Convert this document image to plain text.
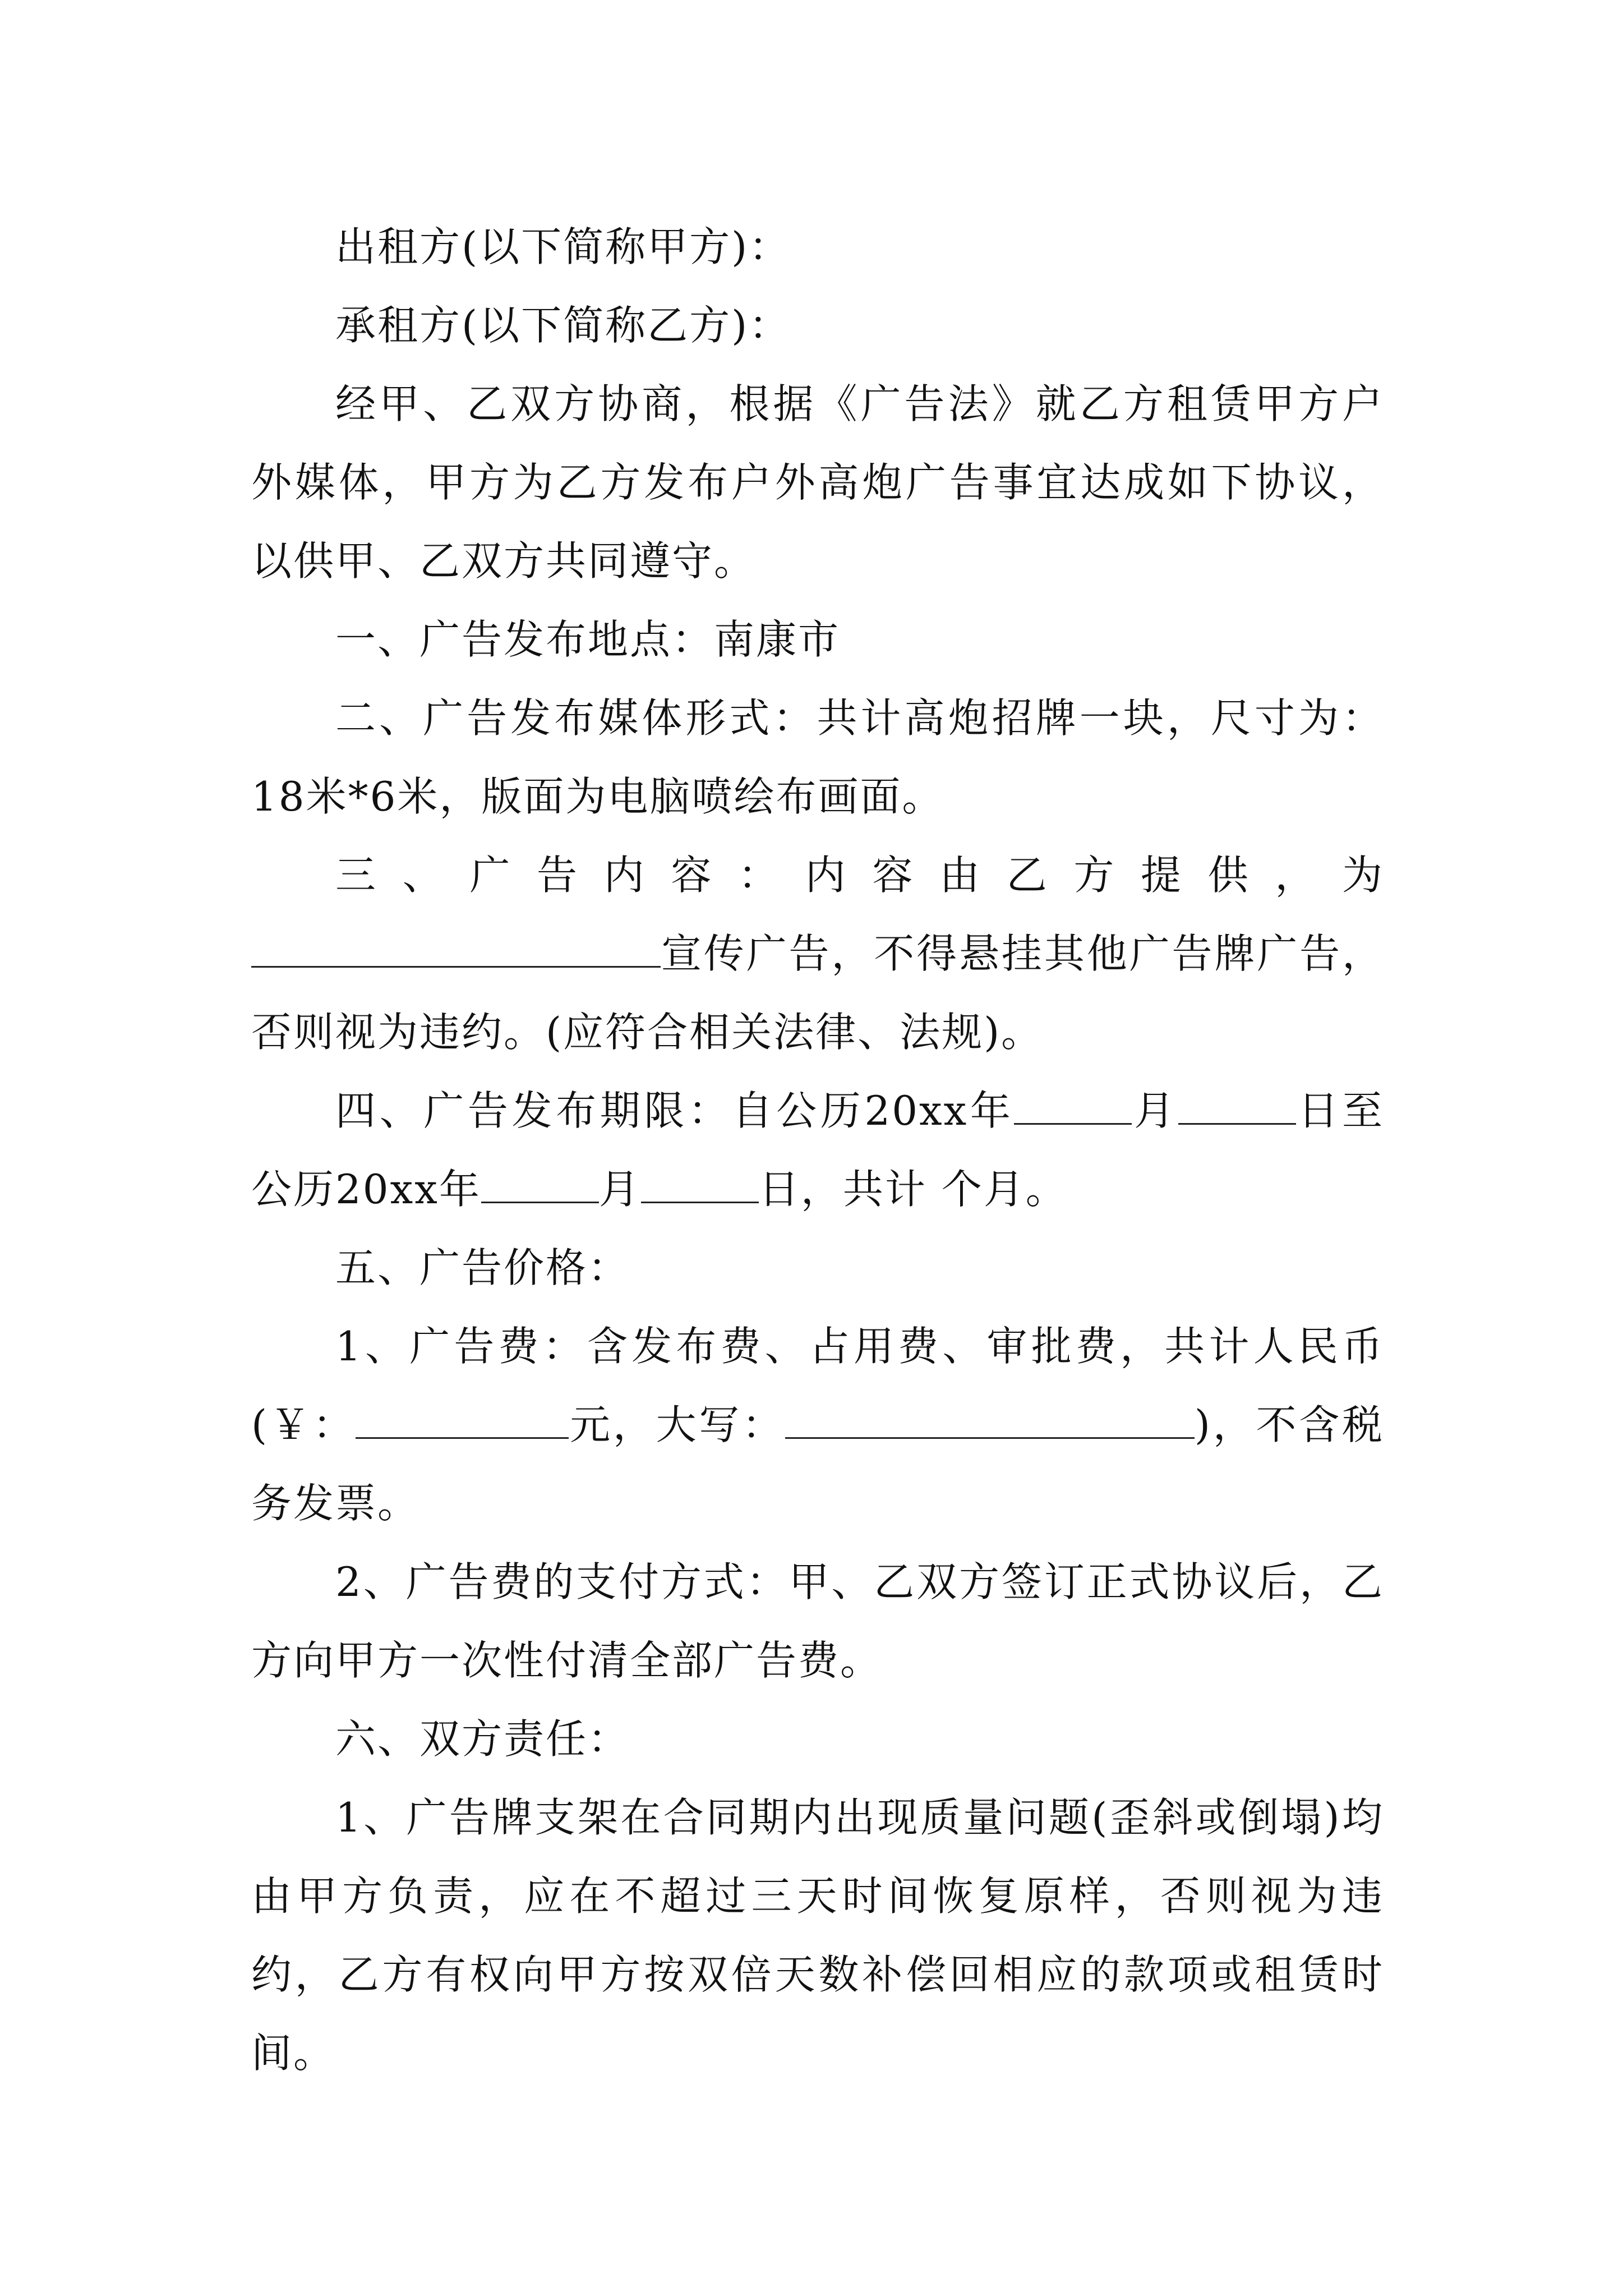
出租方(以下简称甲方)：

承租方(以下简称乙方)：

经甲、乙双方协商，根据《广告法》就乙方租赁甲方户外媒体，甲方为乙方发布户外高炮广告事宜达成如下协议，以供甲、乙双方共同遵守。

一、广告发布地点：南康市

二、广告发布媒体形式：共计高炮招牌一块，尺寸为：18米*6米，版面为电脑喷绘布画面。

三、广告内容：内容由乙方提供，为宣传广告，不得悬挂其他广告牌广告，否则视为违约。(应符合相关法律、法规)。

四、广告发布期限：自公历20xx年	月	日至公历20xx年	月	日，共计 个月。

五、广告价格：

1、广告费：含发布费、占用费、审批费，共计人民币(￥：	元，大写：	)，不含税务发票。

2、广告费的支付方式：甲、乙双方签订正式协议后，乙方向甲方一次性付清全部广告费。

六、双方责任：

1、广告牌支架在合同期内出现质量问题(歪斜或倒塌)均由甲方负责，应在不超过三天时间恢复原样，否则视为违约，乙方有权向甲方按双倍天数补偿回相应的款项或租赁时间。
